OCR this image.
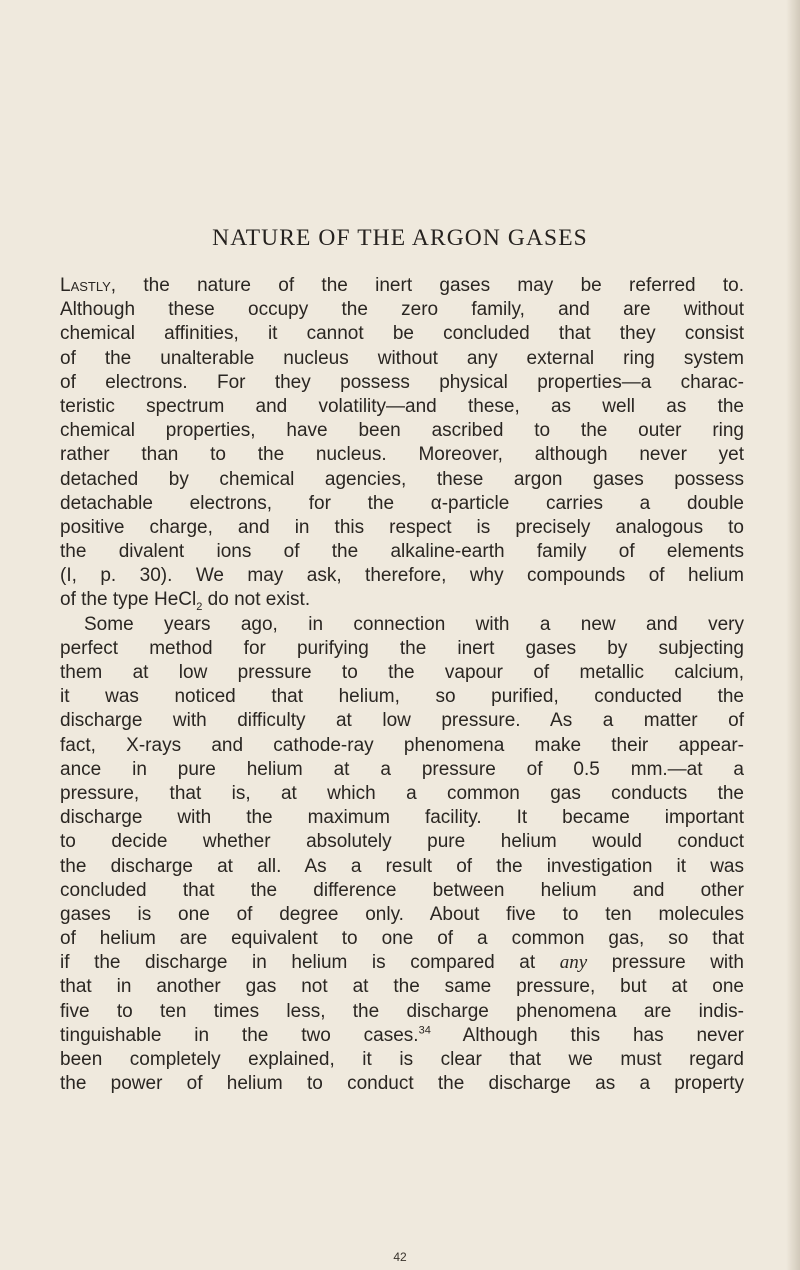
NATURE OF THE ARGON GASES
Lastly, the nature of the inert gases may be referred to.
Although these occupy the zero family, and are without
chemical affinities, it cannot be concluded that they consist
of the unalterable nucleus without any external ring system
of electrons. For they possess physical properties—a charac-
teristic spectrum and volatility—and these, as well as the
chemical properties, have been ascribed to the outer ring
rather than to the nucleus. Moreover, although never yet
detached by chemical agencies, these argon gases possess
detachable electrons, for the α-particle carries a double
positive charge, and in this respect is precisely analogous to
the divalent ions of the alkaline-earth family of elements
(I, p. 30). We may ask, therefore, why compounds of helium
of the type HeCl$_2$ do not exist.
Some years ago, in connection with a new and very
perfect method for purifying the inert gases by subjecting
them at low pressure to the vapour of metallic calcium,
it was noticed that helium, so purified, conducted the
discharge with difficulty at low pressure. As a matter of
fact, X-rays and cathode-ray phenomena make their appear-
ance in pure helium at a pressure of 0.5 mm.—at a
pressure, that is, at which a common gas conducts the
discharge with the maximum facility. It became important
to decide whether absolutely pure helium would conduct
the discharge at all. As a result of the investigation it was
concluded that the difference between helium and other
gases is one of degree only. About five to ten molecules
of helium are equivalent to one of a common gas, so that
if the discharge in helium is compared at any pressure with
that in another gas not at the same pressure, but at one
five to ten times less, the discharge phenomena are indis-
tinguishable in the two cases.$^{34}$ Although this has never
been completely explained, it is clear that we must regard
the power of helium to conduct the discharge as a property
42
